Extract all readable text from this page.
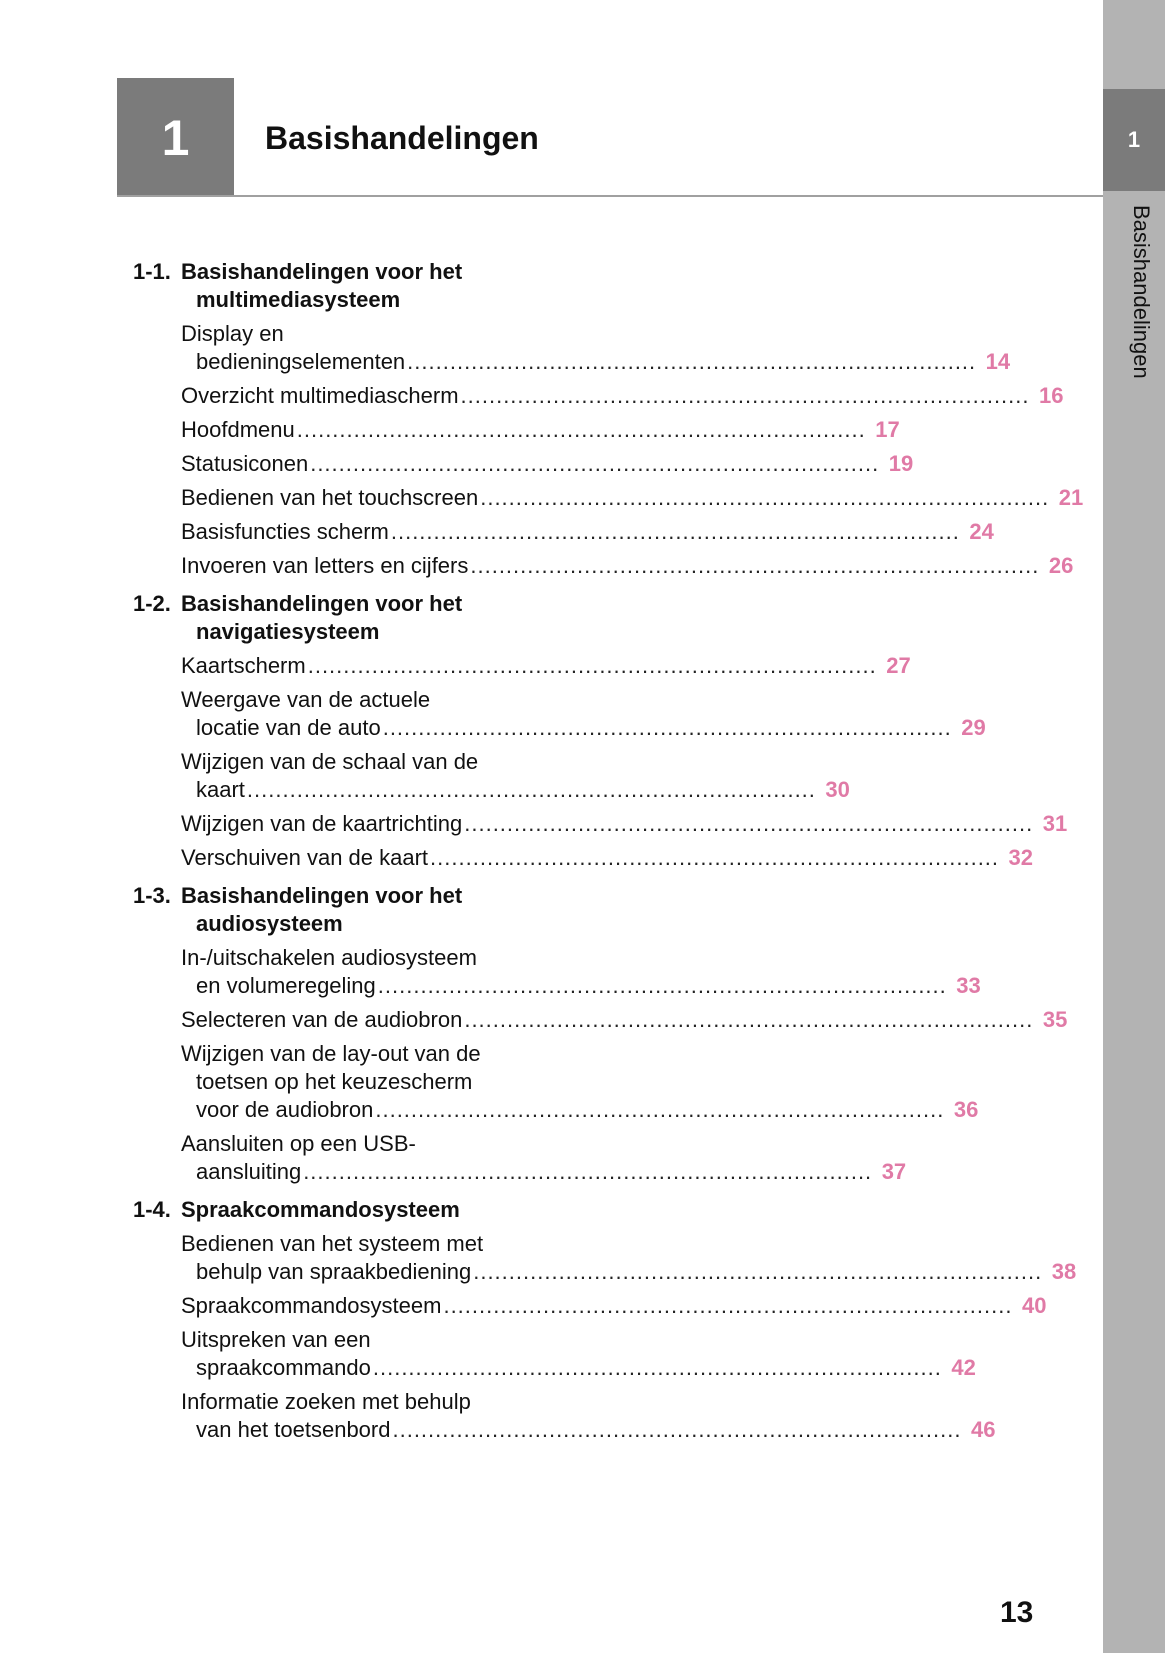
1
Basishandelingen
1	Basishandelingen
1-1. Basishandelingen voor het
multimediasysteem
Display en
bedieningselementen ................................................................................ 14
Overzicht multimediascherm ................................................................................ 16
Hoofdmenu ................................................................................ 17
Statusiconen ................................................................................ 19
Bedienen van het touchscreen ................................................................................ 21
Basisfuncties scherm ................................................................................ 24
Invoeren van letters en cijfers ................................................................................ 26
1-2. Basishandelingen voor het
navigatiesysteem
Kaartscherm ................................................................................ 27
Weergave van de actuele
locatie van de auto ................................................................................ 29
Wijzigen van de schaal van de
kaart ................................................................................ 30
Wijzigen van de kaartrichting ................................................................................ 31
Verschuiven van de kaart ................................................................................ 32
1-3. Basishandelingen voor het
audiosysteem
In-/uitschakelen audiosysteem
en volumeregeling ................................................................................ 33
Selecteren van de audiobron ................................................................................ 35
Wijzigen van de lay-out van de
toetsen op het keuzescherm
voor de audiobron ................................................................................ 36
Aansluiten op een USB-
aansluiting ................................................................................ 37
1-4. Spraakcommandosysteem
Bedienen van het systeem met
behulp van spraakbediening ................................................................................ 38
Spraakcommandosysteem ................................................................................ 40
Uitspreken van een
spraakcommando ................................................................................ 42
Informatie zoeken met behulp
van het toetsenbord ................................................................................ 46
13
